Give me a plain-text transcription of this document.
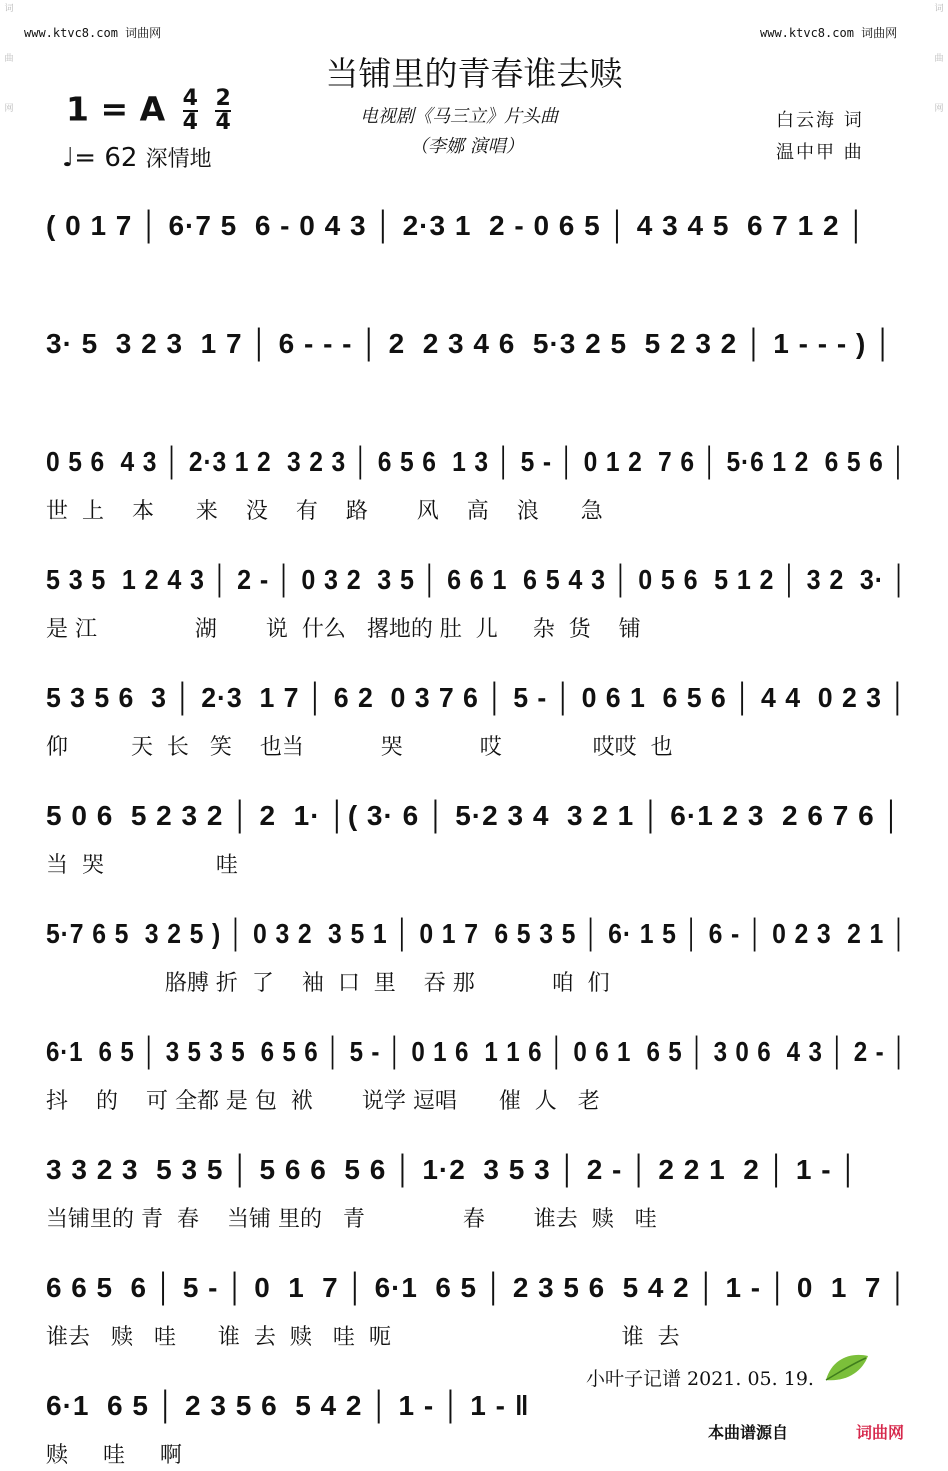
词
曲
网
词
曲
网
www.ktvc8.com 词曲网	www.ktvc8.com 词曲网
当铺里的青春谁去赎
电视剧《马三立》片头曲
（李娜 演唱）
白云海 词
温中甲 曲
1 = A $\frac{4}{4} \frac{2}{4}$
♩= 62 深情地
( 0 1 7 │ 6·7 5  6 - 0 4 3 │ 2·3 1  2 - 0 6 5 │ 4 3 4 5  6 7 1 2 │
3· 5  3 2 3  1 7 │ 6 - - - │ 2  2 3 4 6  5·3 2 5  5 2 3 2 │ 1 - - - ) │
0 5 6  4 3 │ 2·3 1 2  3 2 3 │ 6 5 6  1 3 │ 5 - │ 0 1 2  7 6 │ 5·6 1 2  6 5 6 │
世  上    本      来    没    有    路       风    高    浪      急
5 3 5  1 2 4 3 │ 2 - │ 0 3 2  3 5 │ 6 6 1  6 5 4 3 │ 0 5 6  5 1 2 │ 3 2  3· │
是 江              湖       说  什么   撂地的 肚  儿     杂  货    铺
5 3 5 6  3 │ 2·3  1 7 │ 6 2  0 3 7 6 │ 5 - │ 0 6 1  6 5 6 │ 4 4  0 2 3 │
仰         天  长   笑    也当           哭           哎             哎哎  也
5 0 6  5 2 3 2 │ 2  1· │( 3· 6 │ 5·2 3 4  3 2 1 │ 6·1 2 3  2 6 7 6 │
当  哭                哇
5·7 6 5  3 2 5 ) │ 0 3 2  3 5 1 │ 0 1 7  6 5 3 5 │ 6· 1 5 │ 6 - │ 0 2 3  2 1 │
胳膊 折  了    袖  口  里    吞 那           咱  们
6·1  6 5 │ 3 5 3 5  6 5 6 │ 5 - │ 0 1 6  1 1 6 │ 0 6 1  6 5 │ 3 0 6  4 3 │ 2 - │
抖    的    可 全都 是 包  袱       说学 逗唱      催  人   老
3 3 2 3  5 3 5 │ 5 6 6  5 6 │ 1·2  3 5 3 │ 2 - │ 2 2 1  2 │ 1 - │
当铺里的 青  春    当铺 里的   青              春       谁去  赎   哇
6 6 5  6 │ 5 - │ 0  1  7 │ 6·1  6 5 │ 2 3 5 6  5 4 2 │ 1 - │ 0  1  7 │
谁去   赎   哇      谁  去  赎   哇  呃                                 谁  去
6·1  6 5 │ 2 3 5 6  5 4 2 │ 1 - │ 1 - ‖
赎     哇     啊
小叶子记谱 2021. 05. 19.
本曲谱源自	词曲网
